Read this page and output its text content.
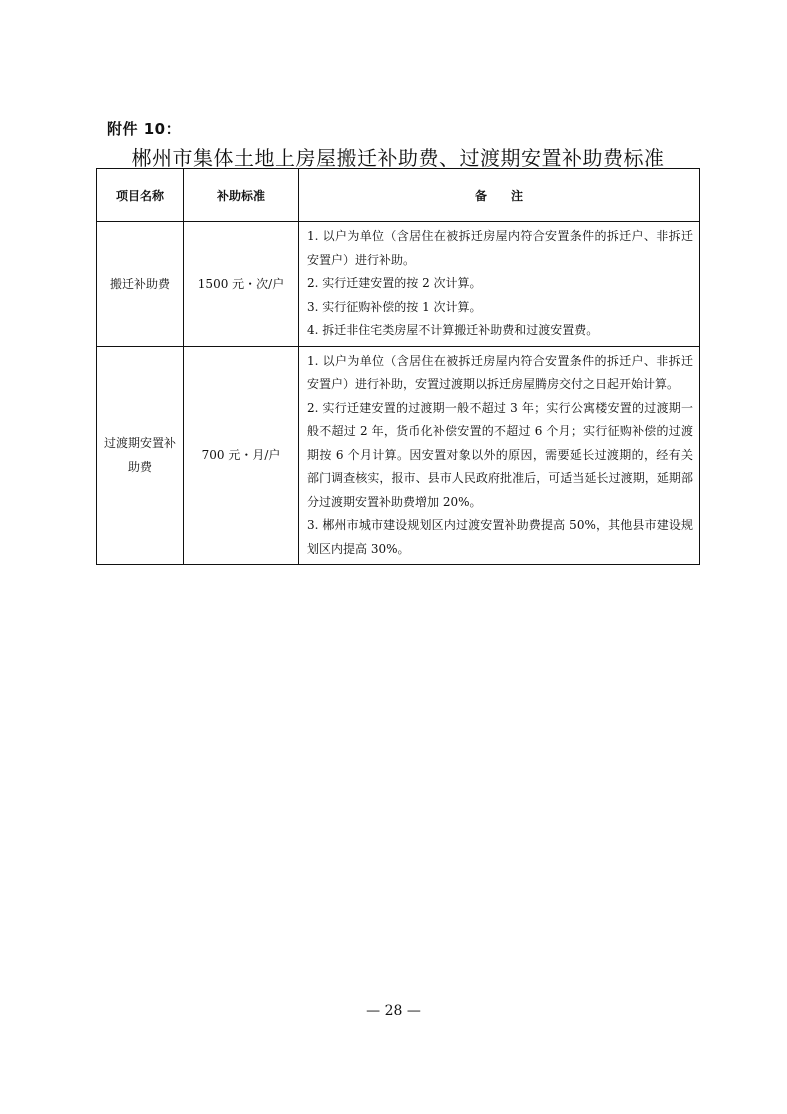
附件 10：
郴州市集体土地上房屋搬迁补助费、过渡期安置补助费标准
项目名称	补助标准	备　　注
搬迁补助费	1500 元・次/户	1. 以户为单位（含居住在被拆迁房屋内符合安置条件的拆迁户、非拆迁安置户）进行补助。
2. 实行迁建安置的按 2 次计算。
3. 实行征购补偿的按 1 次计算。
4. 拆迁非住宅类房屋不计算搬迁补助费和过渡安置费。

过渡期安置补助费	700 元・月/户	1. 以户为单位（含居住在被拆迁房屋内符合安置条件的拆迁户、非拆迁安置户）进行补助，安置过渡期以拆迁房屋腾房交付之日起开始计算。
2. 实行迁建安置的过渡期一般不超过 3 年；实行公寓楼安置的过渡期一般不超过 2 年，货币化补偿安置的不超过 6 个月；实行征购补偿的过渡期按 6 个月计算。因安置对象以外的原因，需要延长过渡期的，经有关部门调查核实，报市、县市人民政府批准后，可适当延长过渡期，延期部分过渡期安置补助费增加 20%。
3. 郴州市城市建设规划区内过渡安置补助费提高 50%，其他县市建设规划区内提高 30%。
— 28 —
